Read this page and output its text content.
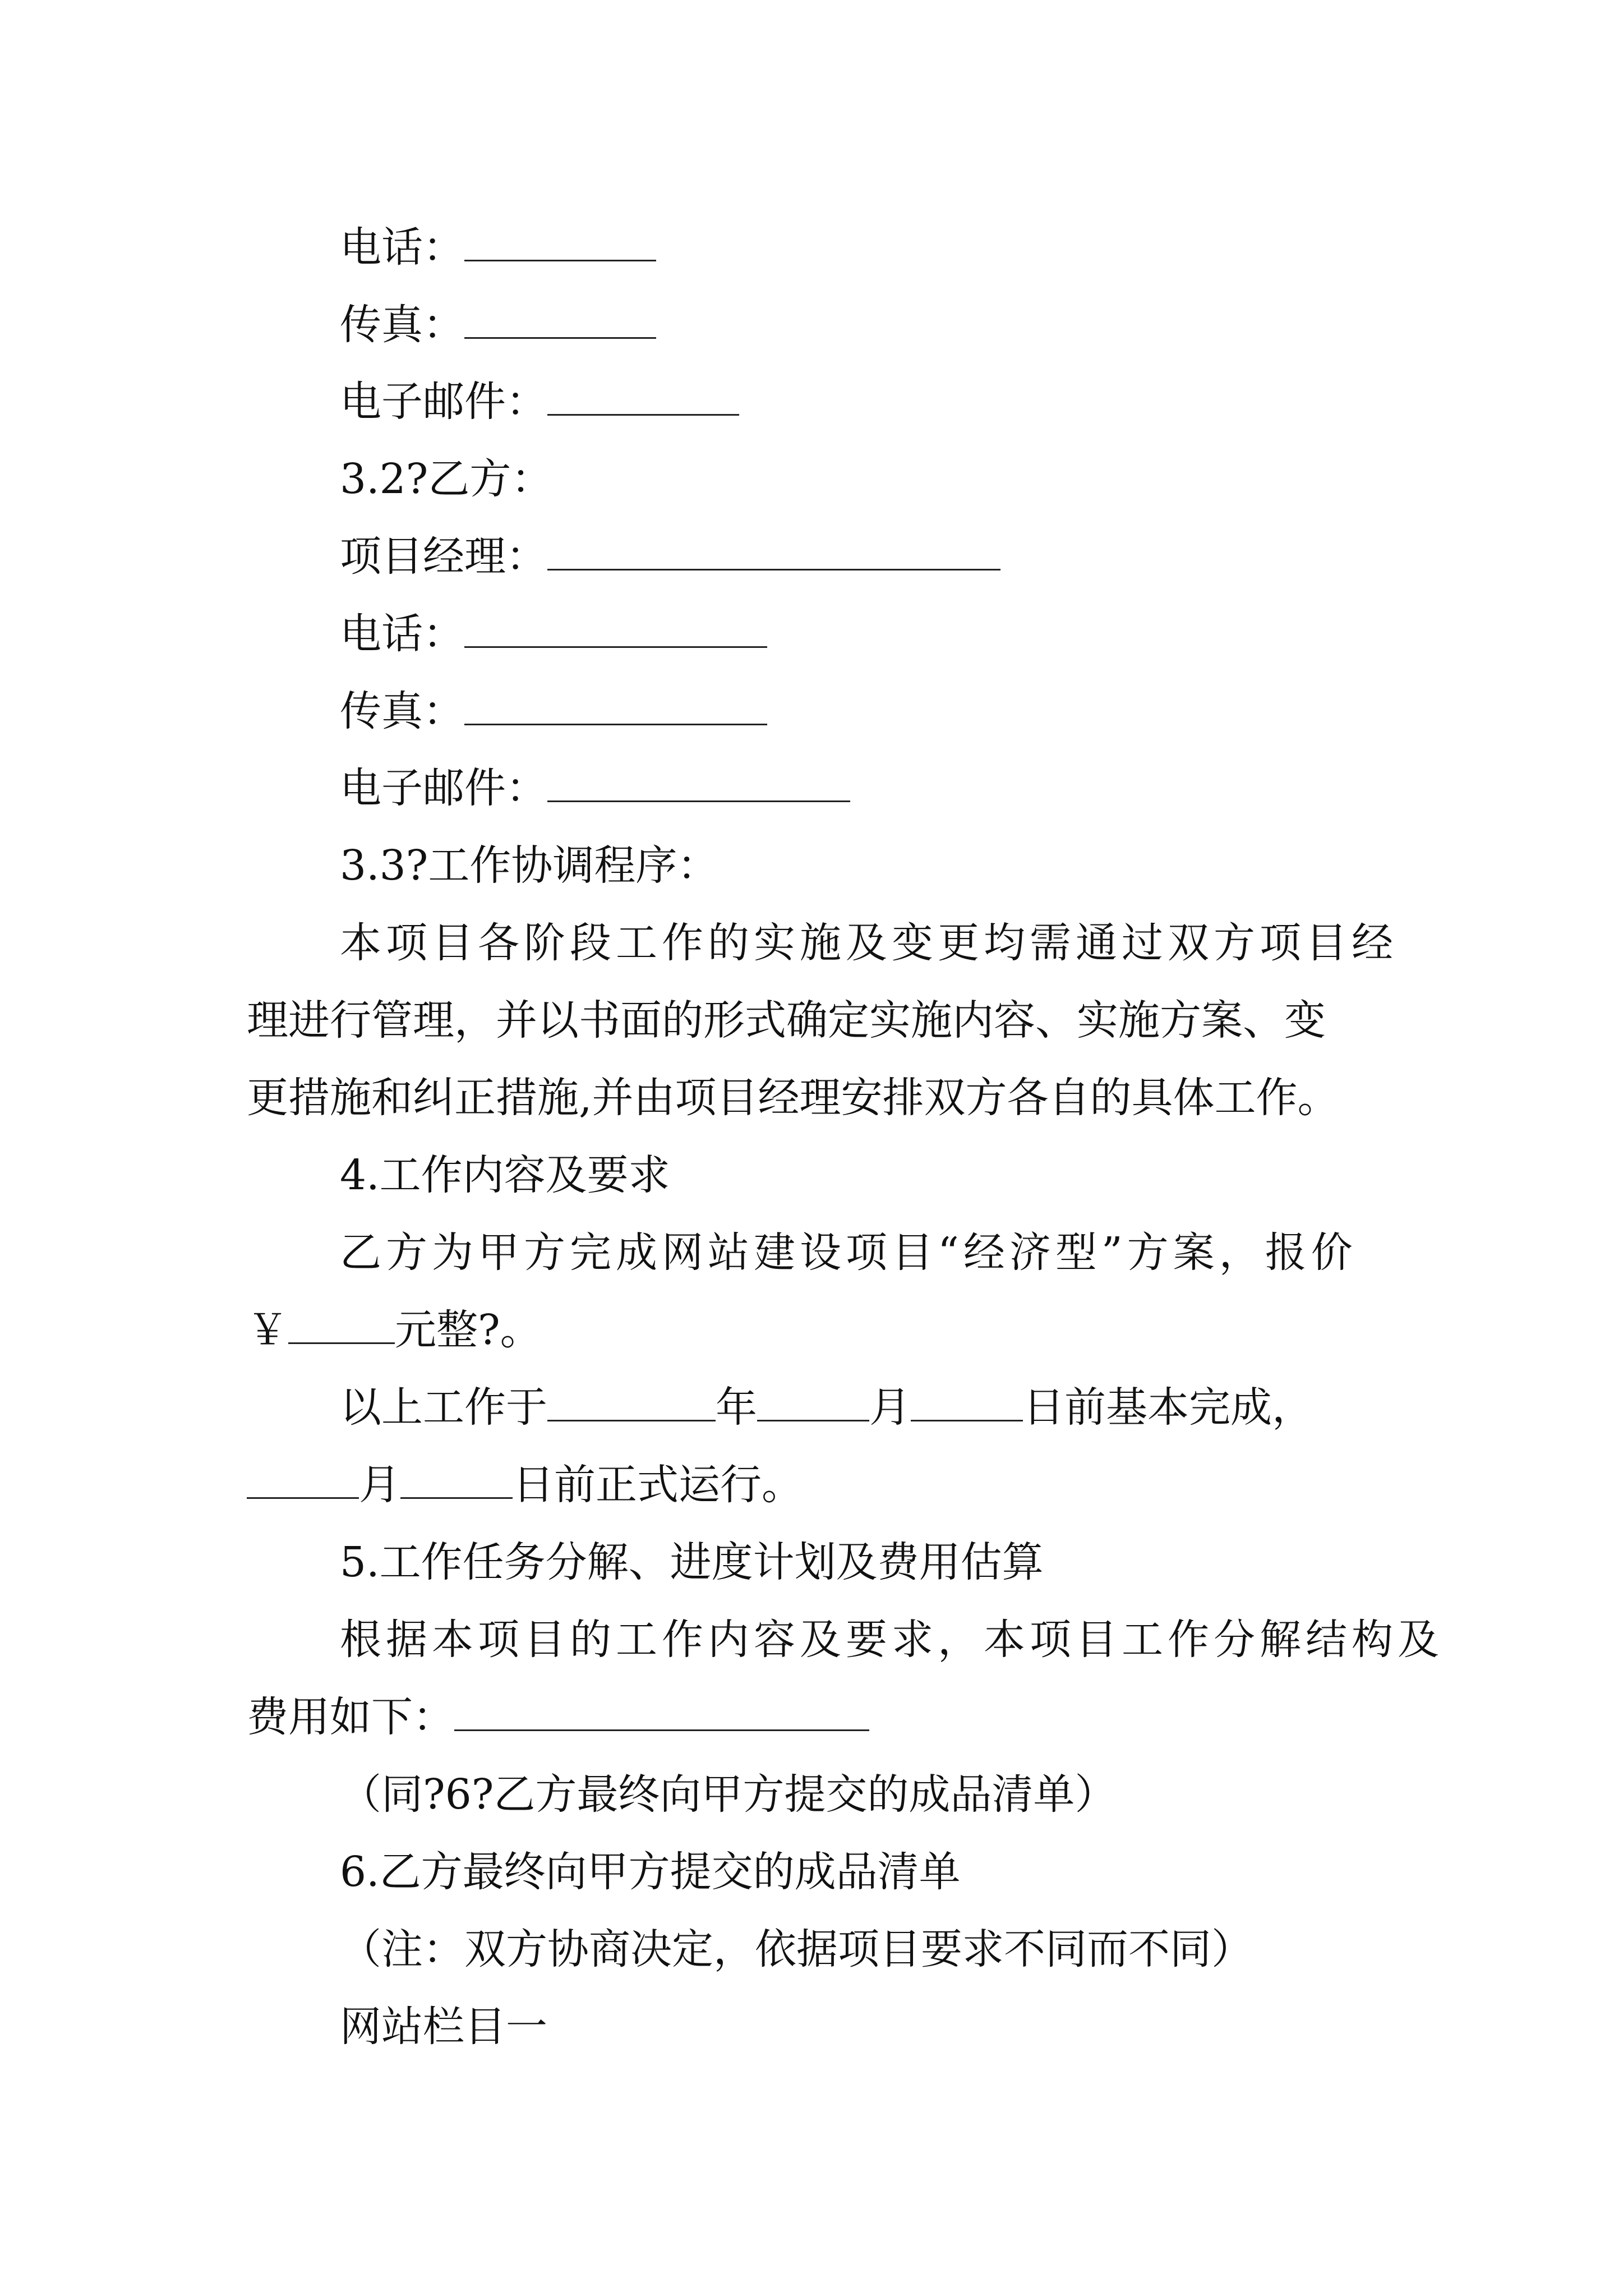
电话：
传真：
电子邮件：
3.2?乙方：
项目经理：
电话：
传真：
电子邮件：
3.3?工作协调程序：
本项目各阶段工作的实施及变更均需通过双方项目经
理进行管理，并以书面的形式确定实施内容、实施方案、变
更措施和纠正措施,并由项目经理安排双方各自的具体工作。
4.工作内容及要求
乙方为甲方完成网站建设项目“经济型”方案，报价
￥	元整?。
以上工作于	年	月	日前基本完成，
月	日前正式运行。
5.工作任务分解、进度计划及费用估算
根据本项目的工作内容及要求，本项目工作分解结构及
费用如下：
（同?6?乙方最终向甲方提交的成品清单）
6.乙方最终向甲方提交的成品清单
（注：双方协商决定，依据项目要求不同而不同）
网站栏目一
